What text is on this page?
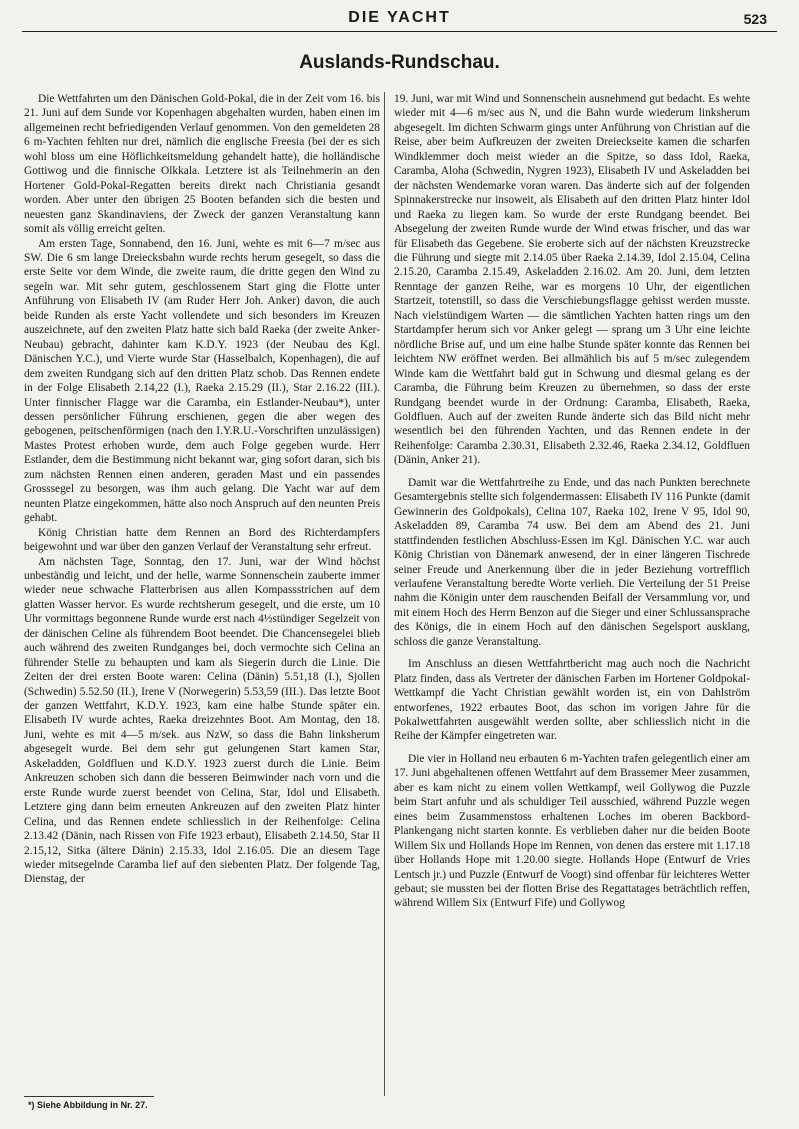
DIE YACHT	523
Auslands-Rundschau.

Die Wettfahrten um den Dänischen Gold-Pokal, die in der Zeit vom 16. bis 21. Juni auf dem Sunde vor Kopenhagen abgehalten wurden, haben einen im allgemeinen recht befriedigenden Verlauf genommen. Von den gemeldeten 28 6 m-Yachten fehlten nur drei, nämlich die englische Freesia (bei der es sich wohl bloss um eine Höflichkeitsmeldung gehandelt hatte), die holländische Gottiwog und die finnische Olkkala. Letztere ist als Teilnehmerin an den Hortener Gold-Pokal-Regatten bereits direkt nach Christiania gesandt worden. Aber unter den übrigen 25 Booten befanden sich die besten und neuesten ganz Skandinaviens, der Zweck der ganzen Veranstaltung kann somit als völlig erreicht gelten.

Am ersten Tage, Sonnabend, den 16. Juni, wehte es mit 6—7 m/sec aus SW. Die 6 sm lange Dreiecksbahn wurde rechts herum gesegelt, so dass die erste Seite vor dem Winde, die zweite raum, die dritte gegen den Wind zu segeln war. Mit sehr gutem, geschlossenem Start ging die Flotte unter Anführung von Elisabeth IV (am Ruder Herr Joh. Anker) davon, die auch beide Runden als erste Yacht vollendete und sich besonders im Kreuzen auszeichnete, auf den zweiten Platz hatte sich bald Raeka (der zweite Anker-Neubau) gebracht, dahinter kam K.D.Y. 1923 (der Neubau des Kgl. Dänischen Y.C.), und Vierte wurde Star (Hasselbalch, Kopenhagen), die auf dem zweiten Rundgang sich auf den dritten Platz schob. Das Rennen endete in der Folge Elisabeth 2.14,22 (I.), Raeka 2.15.29 (II.), Star 2.16.22 (III.). Unter finnischer Flagge war die Caramba, ein Estlander-Neubau*), unter dessen persönlicher Führung erschienen, gegen die aber wegen des gebogenen, peitschenförmigen (nach den I.Y.R.U.-Vorschriften unzulässigen) Mastes Protest erhoben wurde, dem auch Folge gegeben wurde. Herr Estlander, dem die Bestimmung nicht bekannt war, ging sofort daran, sich bis zum nächsten Rennen einen anderen, geraden Mast und ein passendes Grosssegel zu besorgen, was ihm auch gelang. Die Yacht war auf dem neunten Platze eingekommen, hätte also noch Anspruch auf den neunten Preis gehabt.

König Christian hatte dem Rennen an Bord des Richterdampfers beigewohnt und war über den ganzen Verlauf der Veranstaltung sehr erfreut.

Am nächsten Tage, Sonntag, den 17. Juni, war der Wind höchst unbeständig und leicht, und der helle, warme Sonnenschein zauberte immer wieder neue schwache Flatterbrisen aus allen Kompassstrichen auf dem glatten Wasser hervor. Es wurde rechtsherum gesegelt, und die erste, um 10 Uhr vormittags begonnene Runde wurde erst nach 4½stündiger Segelzeit von der dänischen Celine als führendem Boot beendet. Die Chancensegelei blieb auch während des zweiten Rundganges bei, doch vermochte sich Celina an führender Stelle zu behaupten und kam als Siegerin durch die Linie. Die Zeiten der drei ersten Boote waren: Celina (Dänin) 5.51,18 (I.), Sjollen (Schwedin) 5.52.50 (II.), Irene V (Norwegerin) 5.53,59 (III.). Das letzte Boot der ganzen Wettfahrt, K.D.Y. 1923, kam eine halbe Stunde später ein. Elisabeth IV wurde achtes, Raeka dreizehntes Boot. Am Montag, den 18. Juni, wehte es mit 4—5 m/sek. aus NzW, so dass die Bahn linksherum abgesegelt wurde. Bei dem sehr gut gelungenen Start kamen Star, Askeladden, Goldfluen und K.D.Y. 1923 zuerst durch die Linie. Beim Ankreuzen schoben sich dann die besseren Beimwinder nach vorn und die erste Runde wurde zuerst beendet von Celina, Star, Idol und Elisabeth. Letztere ging dann beim erneuten Ankreuzen auf den zweiten Platz hinter Celina, und das Rennen endete schliesslich in der Reihenfolge: Celina 2.13.42 (Dänin, nach Rissen von Fife 1923 erbaut), Elisabeth 2.14.50, Star II 2.15,12, Sitka (ältere Dänin) 2.15.33, Idol 2.16.05. Die an diesem Tage wieder mitsegelnde Caramba lief auf den siebenten Platz. Der folgende Tag, Dienstag, der

19. Juni, war mit Wind und Sonnenschein ausnehmend gut bedacht. Es wehte wieder mit 4—6 m/sec aus N, und die Bahn wurde wiederum linksherum abgesegelt. Im dichten Schwarm gings unter Anführung von Christian auf die Reise, aber beim Aufkreuzen der zweiten Dreieckseite kamen die scharfen Windklemmer doch meist wieder an die Spitze, so dass Idol, Raeka, Caramba, Aloha (Schwedin, Nygren 1923), Elisabeth IV und Askeladden bei der nächsten Wendemarke voran waren. Das änderte sich auf der folgenden Spinnakerstrecke nur insoweit, als Elisabeth auf den dritten Platz hinter Idol und Raeka zu liegen kam. So wurde der erste Rundgang beendet. Bei Absegelung der zweiten Runde wurde der Wind etwas frischer, und das war für Elisabeth das Gegebene. Sie eroberte sich auf der nächsten Kreuzstrecke die Führung und siegte mit 2.14.05 über Raeka 2.14.39, Idol 2.15.04, Celina 2.15.20, Caramba 2.15.49, Askeladden 2.16.02. Am 20. Juni, dem letzten Renntage der ganzen Reihe, war es morgens 10 Uhr, der eigentlichen Startzeit, totenstill, so dass die Verschiebungsflagge gehisst werden musste. Nach vielstündigem Warten — die sämtlichen Yachten hatten rings um den Startdampfer herum sich vor Anker gelegt — sprang um 3 Uhr eine leichte nördliche Brise auf, und um eine halbe Stunde später konnte das Rennen bei leichtem NW eröffnet werden. Bei allmählich bis auf 5 m/sec zulegendem Winde kam die Wettfahrt bald gut in Schwung und diesmal gelang es der Caramba, die Führung beim Kreuzen zu übernehmen, so dass der erste Rundgang beendet wurde in der Ordnung: Caramba, Elisabeth, Raeka, Goldfluen. Auch auf der zweiten Runde änderte sich das Bild nicht mehr wesentlich bei den führenden Yachten, und das Rennen endete in der Reihenfolge: Caramba 2.30.31, Elisabeth 2.32.46, Raeka 2.34.12, Goldfluen (Dänin, Anker 21).

Damit war die Wettfahrtreihe zu Ende, und das nach Punkten berechnete Gesamtergebnis stellte sich folgendermassen: Elisabeth IV 116 Punkte (damit Gewinnerin des Goldpokals), Celina 107, Raeka 102, Irene V 95, Idol 90, Askeladden 89, Caramba 74 usw. Bei dem am Abend des 21. Juni stattfindenden festlichen Abschluss-Essen im Kgl. Dänischen Y.C. war auch König Christian von Dänemark anwesend, der in einer längeren Tischrede seiner Freude und Anerkennung über die in jeder Beziehung vortrefflich verlaufene Veranstaltung beredte Worte verlieh. Die Verteilung der 51 Preise nahm die Königin unter dem rauschenden Beifall der Versammlung vor, und mit einem Hoch des Herrn Benzon auf die Sieger und einer Schlussansprache des Königs, die in einem Hoch auf den dänischen Segelsport ausklang, schloss die ganze Veranstaltung.

Im Anschluss an diesen Wettfahrtbericht mag auch noch die Nachricht Platz finden, dass als Vertreter der dänischen Farben im Hortener Goldpokal-Wettkampf die Yacht Christian gewählt worden ist, ein von Dahlström entworfenes, 1922 erbautes Boot, das schon im vorigen Jahre für die Pokalwettfahrten ausgewählt werden sollte, aber schliesslich nicht in die Reihe der Kämpfer eingetreten war.

Die vier in Holland neu erbauten 6 m-Yachten trafen gelegentlich einer am 17. Juni abgehaltenen offenen Wettfahrt auf dem Brassemer Meer zusammen, aber es kam nicht zu einem vollen Wettkampf, weil Gollywog die Puzzle beim Start anfuhr und als schuldiger Teil ausschied, während Puzzle wegen eines beim Zusammenstoss erhaltenen Loches im oberen Backbord-Plankengang nicht starten konnte. Es verblieben daher nur die beiden Boote Willem Six und Hollands Hope im Rennen, von denen das erstere mit 1.17.18 über Hollands Hope mit 1.20.00 siegte. Hollands Hope (Entwurf de Vries Lentsch jr.) und Puzzle (Entwurf de Voogt) sind offenbar für leichteres Wetter gebaut; sie mussten bei der flotten Brise des Regattatages beträchtlich reffen, während Willem Six (Entwurf Fife) und Gollywog

*) Siehe Abbildung in Nr. 27.
